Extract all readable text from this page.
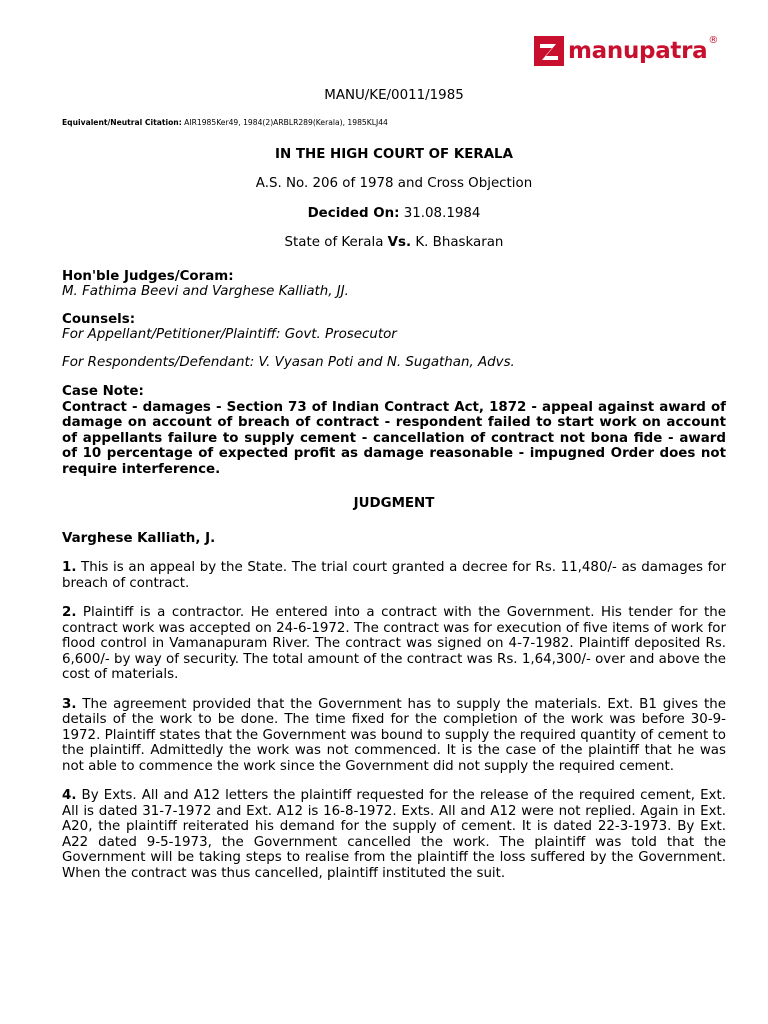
manupatra ®

MANU/KE/0011/1985

Equivalent/Neutral Citation: AIR1985Ker49, 1984(2)ARBLR289(Kerala), 1985KLJ44

IN THE HIGH COURT OF KERALA

A.S. No. 206 of 1978 and Cross Objection

Decided On: 31.08.1984

State of Kerala Vs. K. Bhaskaran

Hon'ble Judges/Coram:

M. Fathima Beevi and Varghese Kalliath, JJ.

Counsels:

For Appellant/Petitioner/Plaintiff: Govt. Prosecutor

For Respondents/Defendant: V. Vyasan Poti and N. Sugathan, Advs.

Case Note:

Contract - damages - Section 73 of Indian Contract Act, 1872 - appeal against award of damage on account of breach of contract - respondent failed to start work on account of appellants failure to supply cement - cancellation of contract not bona fide - award of 10 percentage of expected profit as damage reasonable - impugned Order does not require interference.

JUDGMENT

Varghese Kalliath, J.

1. This is an appeal by the State. The trial court granted a decree for Rs. 11,480/- as damages for breach of contract.

2. Plaintiff is a contractor. He entered into a contract with the Government. His tender for the contract work was accepted on 24-6-1972. The contract was for execution of five items of work for flood control in Vamanapuram River. The contract was signed on 4-7-1982. Plaintiff deposited Rs. 6,600/- by way of security. The total amount of the contract was Rs. 1,64,300/- over and above the cost of materials.

3. The agreement provided that the Government has to supply the materials. Ext. B1 gives the details of the work to be done. The time fixed for the completion of the work was before 30-9-1972. Plaintiff states that the Government was bound to supply the required quantity of cement to the plaintiff. Admittedly the work was not commenced. It is the case of the plaintiff that he was not able to commence the work since the Government did not supply the required cement.

4. By Exts. All and A12 letters the plaintiff requested for the release of the required cement, Ext. All is dated 31-7-1972 and Ext. A12 is 16-8-1972. Exts. All and A12 were not replied. Again in Ext. A20, the plaintiff reiterated his demand for the supply of cement. It is dated 22-3-1973. By Ext. A22 dated 9-5-1973, the Government cancelled the work. The plaintiff was told that the Government will be taking steps to realise from the plaintiff the loss suffered by the Government. When the contract was thus cancelled, plaintiff instituted the suit.
